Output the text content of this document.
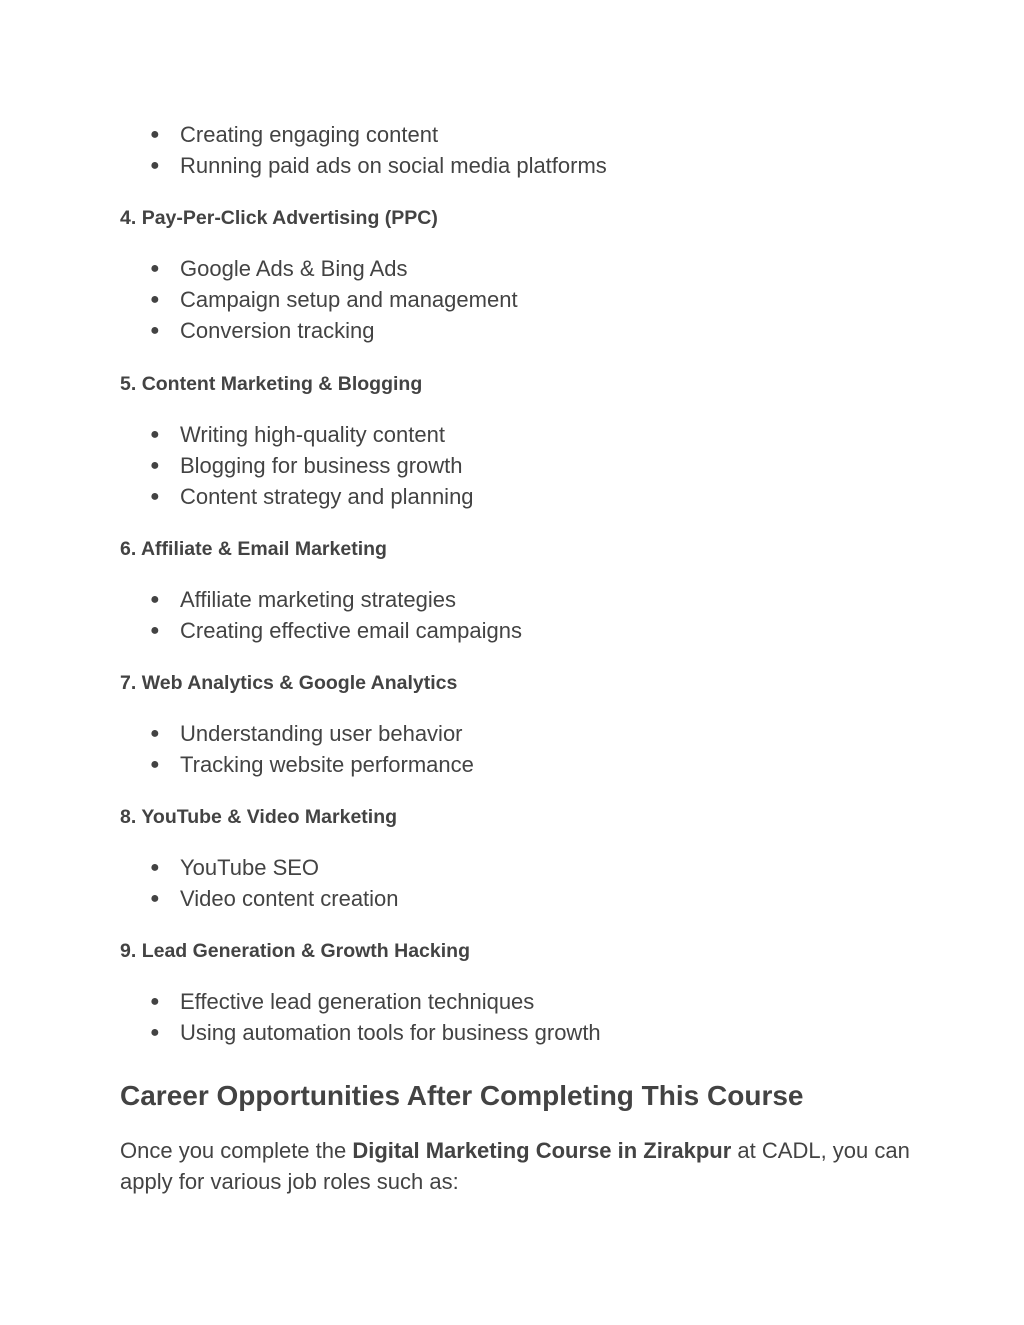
● Creating engaging content
● Running paid ads on social media platforms
4. Pay-Per-Click Advertising (PPC)
● Google Ads & Bing Ads
● Campaign setup and management
● Conversion tracking
5. Content Marketing & Blogging
● Writing high-quality content
● Blogging for business growth
● Content strategy and planning
6. Affiliate & Email Marketing
● Affiliate marketing strategies
● Creating effective email campaigns
7. Web Analytics & Google Analytics
● Understanding user behavior
● Tracking website performance
8. YouTube & Video Marketing
● YouTube SEO
● Video content creation
9. Lead Generation & Growth Hacking
● Effective lead generation techniques
● Using automation tools for business growth
Career Opportunities After Completing This Course

Once you complete the Digital Marketing Course in Zirakpur at CADL, you can apply for various job roles such as:
